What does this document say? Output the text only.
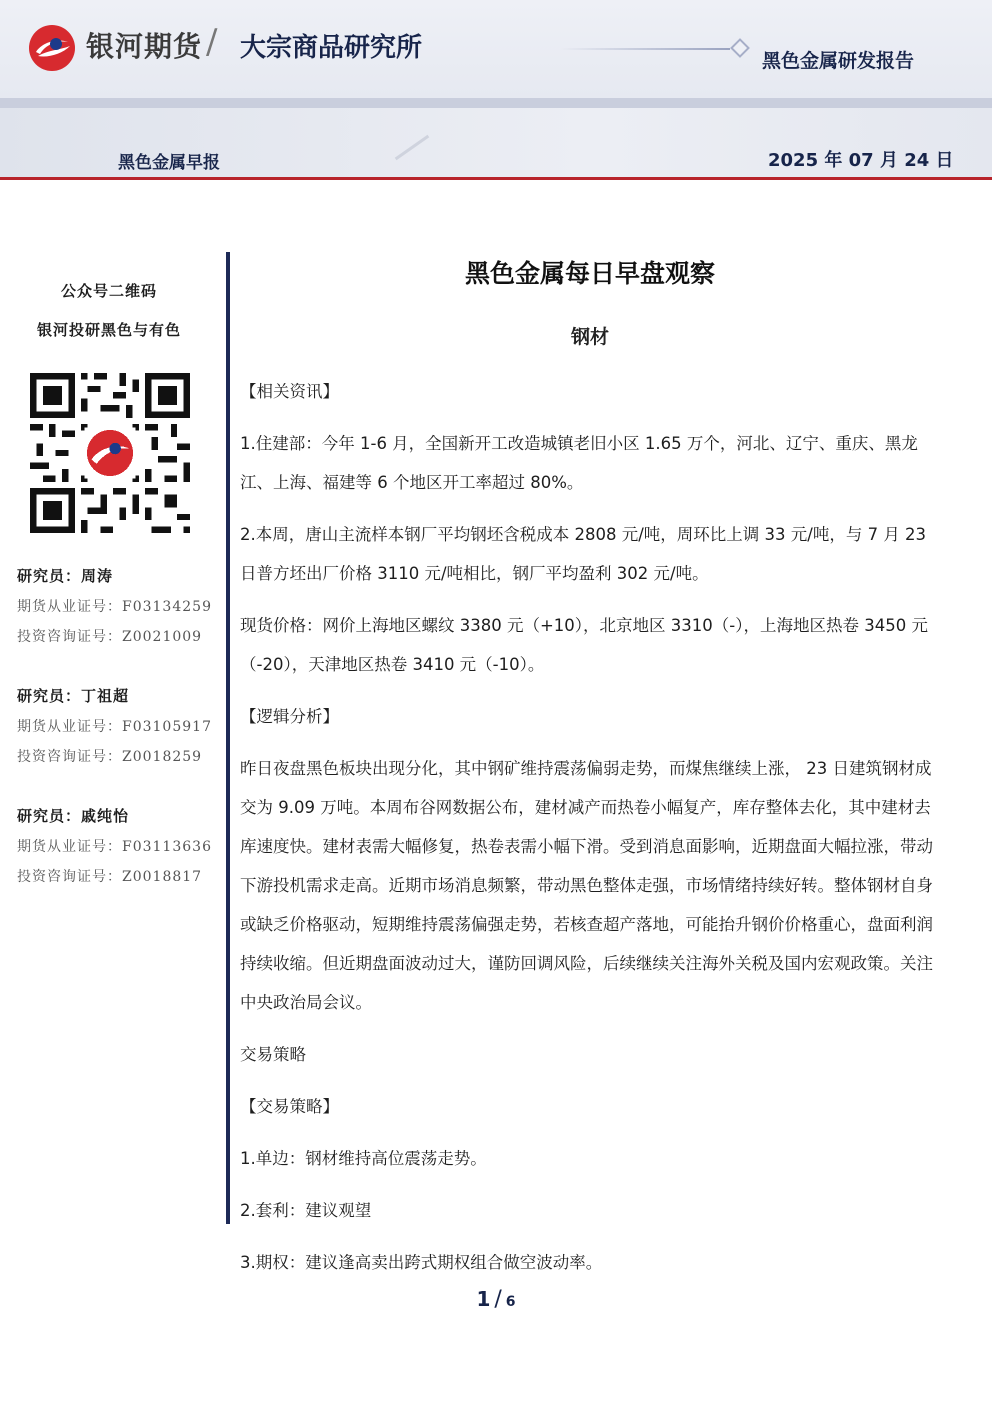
银河期货 / 大宗商品研究所	黑色金属研发报告
黑色金属早报	2025 年 07 月 24 日
公众号二维码
银河投研黑色与有色
研究员：周涛
期货从业证号：F03134259
投资咨询证号：Z0021009
研究员：丁祖超
期货从业证号：F03105917
投资咨询证号：Z0018259
研究员：戚纯怡
期货从业证号：F03113636
投资咨询证号：Z0018817
黑色金属每日早盘观察
钢材

【相关资讯】

1.住建部：今年 1-6 月，全国新开工改造城镇老旧小区 1.65 万个，河北、辽宁、重庆、黑龙江、上海、福建等 6 个地区开工率超过 80%。

2.本周，唐山主流样本钢厂平均钢坯含税成本 2808 元/吨，周环比上调 33 元/吨，与 7 月 23 日普方坯出厂价格 3110 元/吨相比，钢厂平均盈利 302 元/吨。

现货价格：网价上海地区螺纹 3380 元（+10），北京地区 3310（-），上海地区热卷 3450 元（-20），天津地区热卷 3410 元（-10）。

【逻辑分析】

昨日夜盘黑色板块出现分化，其中钢矿维持震荡偏弱走势，而煤焦继续上涨， 23 日建筑钢材成交为 9.09 万吨。本周布谷网数据公布，建材减产而热卷小幅复产，库存整体去化，其中建材去库速度快。建材表需大幅修复，热卷表需小幅下滑。受到消息面影响，近期盘面大幅拉涨，带动下游投机需求走高。近期市场消息频繁，带动黑色整体走强，市场情绪持续好转。整体钢材自身或缺乏价格驱动，短期维持震荡偏强走势，若核查超产落地，可能抬升钢价价格重心，盘面利润持续收缩。但近期盘面波动过大，谨防回调风险，后续继续关注海外关税及国内宏观政策。关注中央政治局会议。

交易策略

【交易策略】

1.单边：钢材维持高位震荡走势。

2.套利：建议观望

3.期权：建议逢高卖出跨式期权组合做空波动率。

1 / 6
